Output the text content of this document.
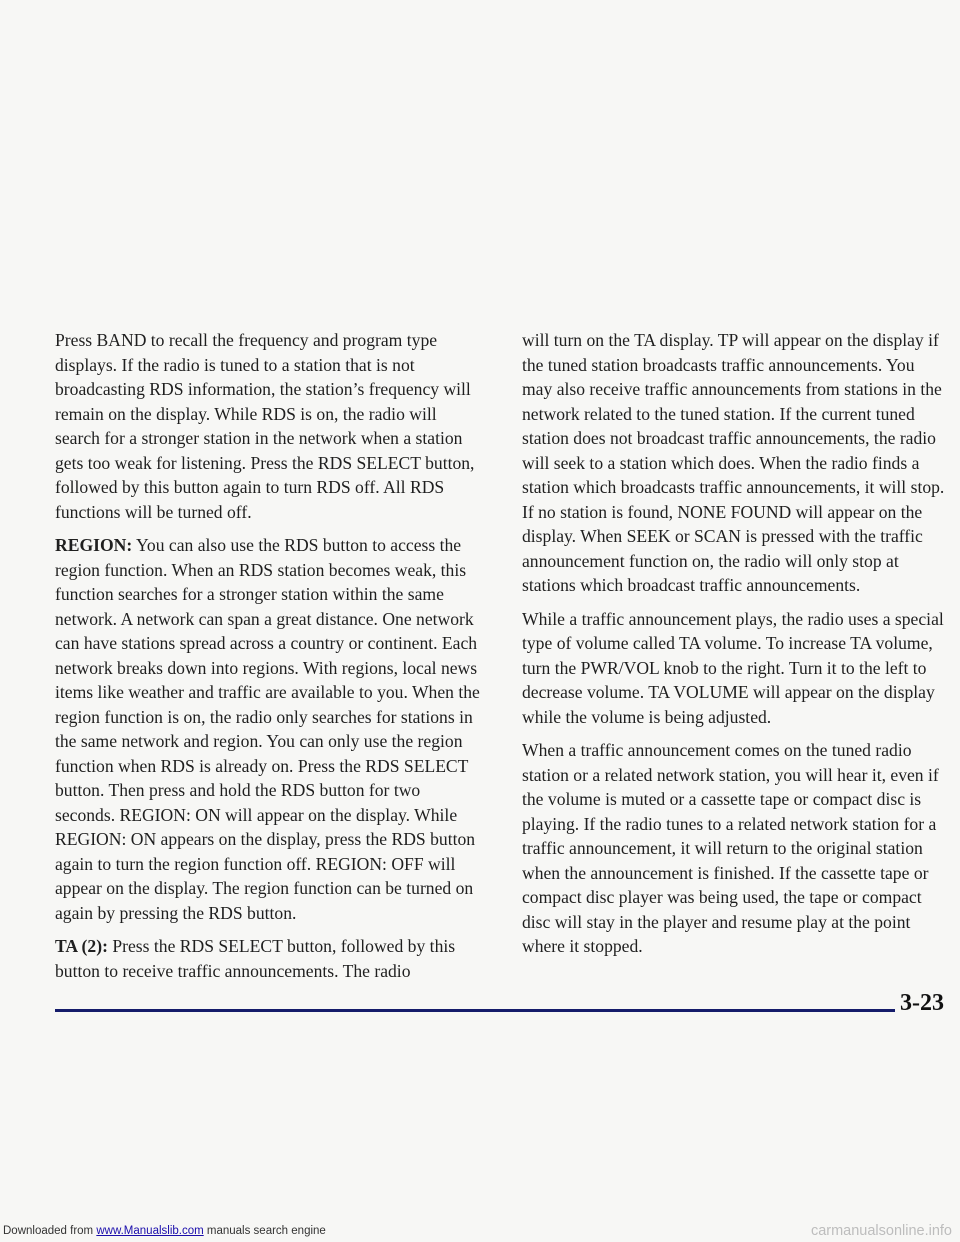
Press BAND to recall the frequency and program type displays. If the radio is tuned to a station that is not broadcasting RDS information, the station’s frequency will remain on the display. While RDS is on, the radio will search for a stronger station in the network when a station gets too weak for listening. Press the RDS SELECT button, followed by this button again to turn RDS off. All RDS functions will be turned off.

REGION: You can also use the RDS button to access the region function. When an RDS station becomes weak, this function searches for a stronger station within the same network. A network can span a great distance. One network can have stations spread across a country or continent. Each network breaks down into regions. With regions, local news items like weather and traffic are available to you. When the region function is on, the radio only searches for stations in the same network and region. You can only use the region function when RDS is already on. Press the RDS SELECT button. Then press and hold the RDS button for two seconds. REGION: ON will appear on the display. While REGION: ON appears on the display, press the RDS button again to turn the region function off. REGION: OFF will appear on the display. The region function can be turned on again by pressing the RDS button.

TA (2): Press the RDS SELECT button, followed by this button to receive traffic announcements. The radio

will turn on the TA display. TP will appear on the display if the tuned station broadcasts traffic announcements. You may also receive traffic announcements from stations in the network related to the tuned station. If the current tuned station does not broadcast traffic announcements, the radio will seek to a station which does. When the radio finds a station which broadcasts traffic announcements, it will stop. If no station is found, NONE FOUND will appear on the display. When SEEK or SCAN is pressed with the traffic announcement function on, the radio will only stop at stations which broadcast traffic announcements.

While a traffic announcement plays, the radio uses a special type of volume called TA volume. To increase TA volume, turn the PWR/VOL knob to the right. Turn it to the left to decrease volume. TA VOLUME will appear on the display while the volume is being adjusted.

When a traffic announcement comes on the tuned radio station or a related network station, you will hear it, even if the volume is muted or a cassette tape or compact disc is playing. If the radio tunes to a related network station for a traffic announcement, it will return to the original station when the announcement is finished. If the cassette tape or compact disc player was being used, the tape or compact disc will stay in the player and resume play at the point where it stopped.

3-23
Downloaded from www.Manualslib.com manuals search engine	carmanualsonline.info
